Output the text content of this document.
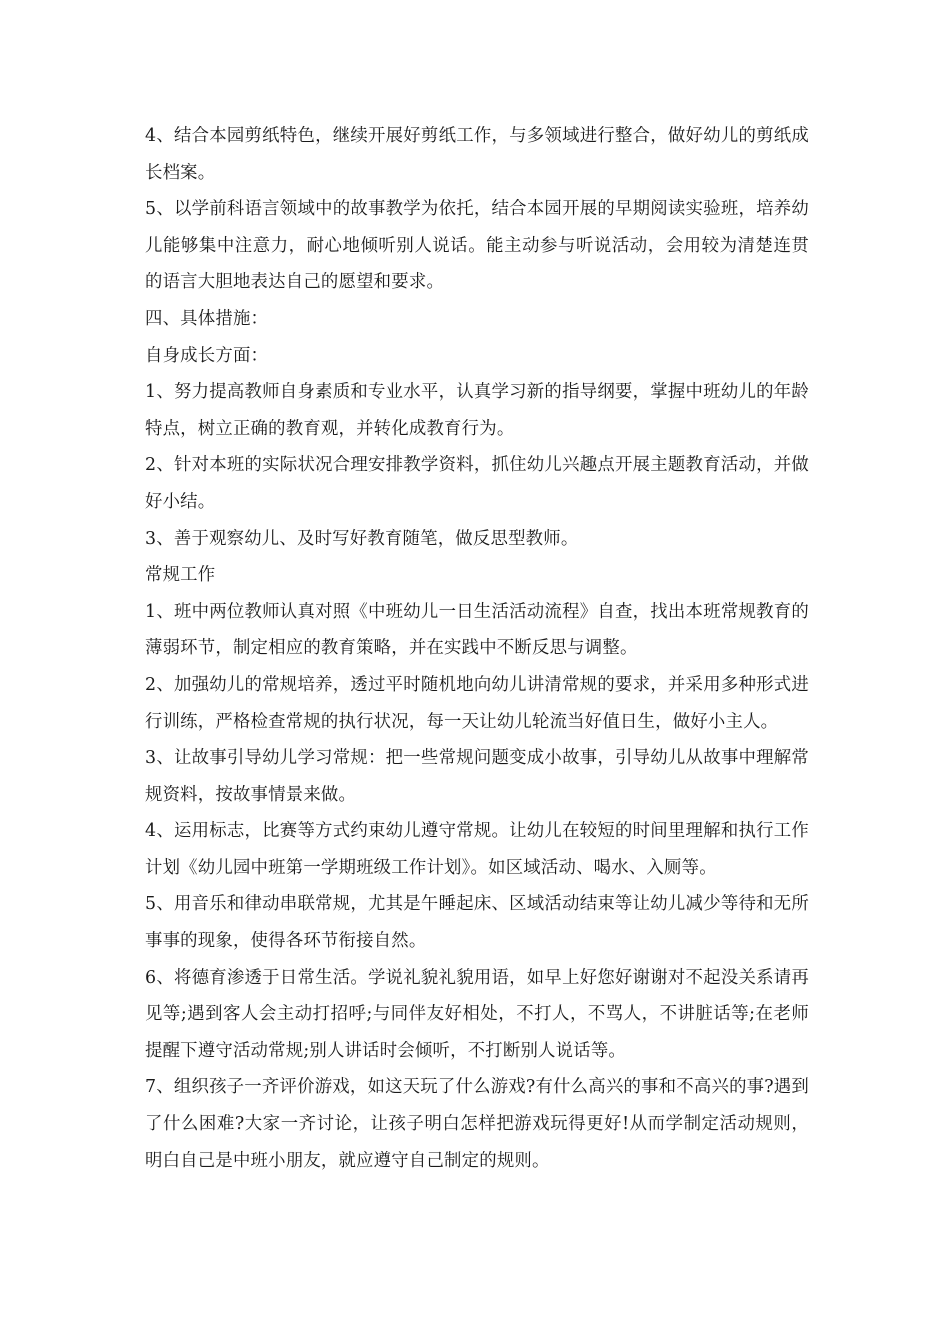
4、结合本园剪纸特色，继续开展好剪纸工作，与多领域进行整合，做好幼儿的剪纸成长档案。

5、以学前科语言领域中的故事教学为依托，结合本园开展的早期阅读实验班，培养幼儿能够集中注意力，耐心地倾听别人说话。能主动参与听说活动，会用较为清楚连贯的语言大胆地表达自己的愿望和要求。

四、具体措施：

自身成长方面：

1、努力提高教师自身素质和专业水平，认真学习新的指导纲要，掌握中班幼儿的年龄特点，树立正确的教育观，并转化成教育行为。

2、针对本班的实际状况合理安排教学资料，抓住幼儿兴趣点开展主题教育活动，并做好小结。

3、善于观察幼儿、及时写好教育随笔，做反思型教师。

常规工作

1、班中两位教师认真对照《中班幼儿一日生活活动流程》自查，找出本班常规教育的薄弱环节，制定相应的教育策略，并在实践中不断反思与调整。

2、加强幼儿的常规培养，透过平时随机地向幼儿讲清常规的要求，并采用多种形式进行训练，严格检查常规的执行状况，每一天让幼儿轮流当好值日生，做好小主人。

3、让故事引导幼儿学习常规：把一些常规问题变成小故事，引导幼儿从故事中理解常规资料，按故事情景来做。

4、运用标志，比赛等方式约束幼儿遵守常规。让幼儿在较短的时间里理解和执行工作计划《幼儿园中班第一学期班级工作计划》。如区域活动、喝水、入厕等。

5、用音乐和律动串联常规，尤其是午睡起床、区域活动结束等让幼儿减少等待和无所事事的现象，使得各环节衔接自然。

6、将德育渗透于日常生活。学说礼貌礼貌用语，如早上好您好谢谢对不起没关系请再见等;遇到客人会主动打招呼;与同伴友好相处，不打人，不骂人，不讲脏话等;在老师提醒下遵守活动常规;别人讲话时会倾听，不打断别人说话等。

7、组织孩子一齐评价游戏，如这天玩了什么游戏?有什么高兴的事和不高兴的事?遇到了什么困难?大家一齐讨论，让孩子明白怎样把游戏玩得更好!从而学制定活动规则，明白自己是中班小朋友，就应遵守自己制定的规则。
